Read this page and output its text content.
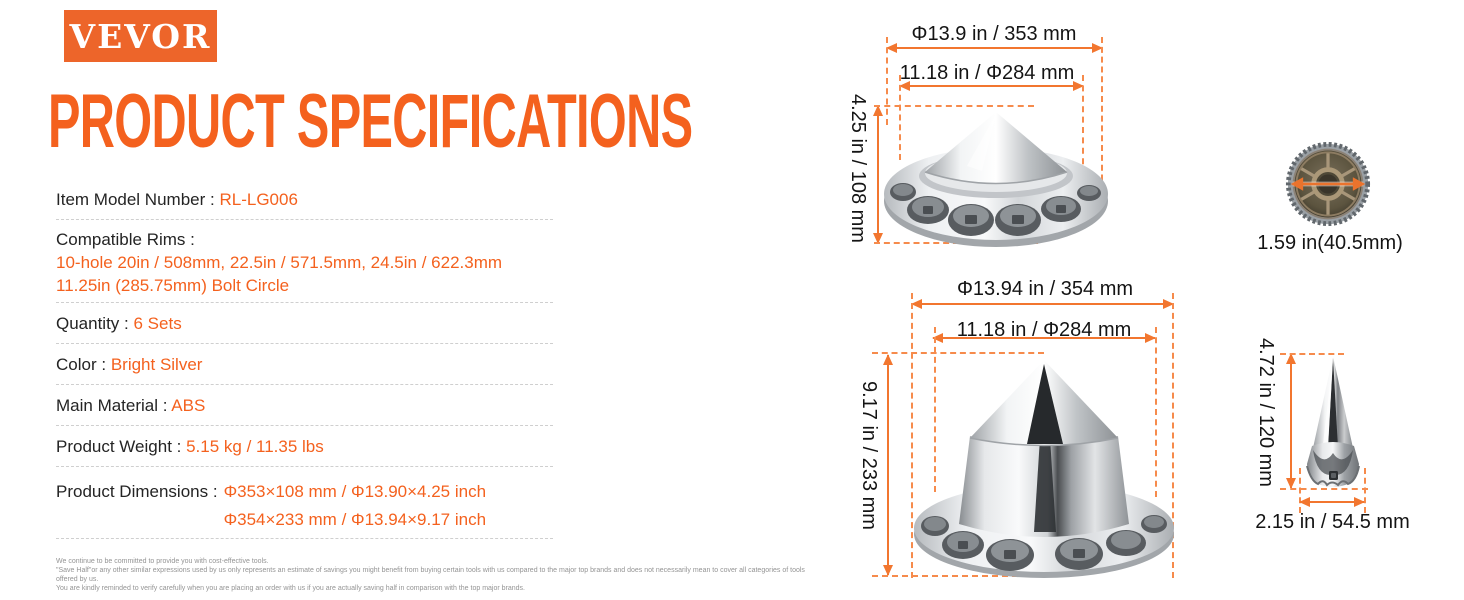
VEVOR
PRODUCT SPECIFICATIONS
Item Model Number : RL-LG006
Compatible Rims :
10-hole 20in / 508mm, 22.5in / 571.5mm, 24.5in / 622.3mm
11.25in (285.75mm) Bolt Circle
Quantity : 6 Sets
Color : Bright Silver
Main Material : ABS
Product Weight : 5.15 kg / 11.35 lbs
Product Dimensions : Φ353×108 mm / Φ13.90×4.25 inch
Φ354×233 mm / Φ13.94×9.17 inch
We continue to be committed to provide you with cost-effective tools.
"Save Half"or any other similar expressions used by us only represents an estimate of savings you might benefit from buying certain tools with us compared to the major top brands and does not necessarily mean to cover all categories of tools offered by us.
You are kindly reminded to verify carefully when you are placing an order with us if you are actually saving half in comparison with the top major brands.
Φ13.9 in / 353 mm
11.18 in / Φ284 mm
4.25 in / 108 mm
1.59 in(40.5mm)
Φ13.94 in / 354 mm
11.18 in / Φ284 mm
9.17 in / 233 mm	4.72 in / 120 mm
2.15 in / 54.5 mm
